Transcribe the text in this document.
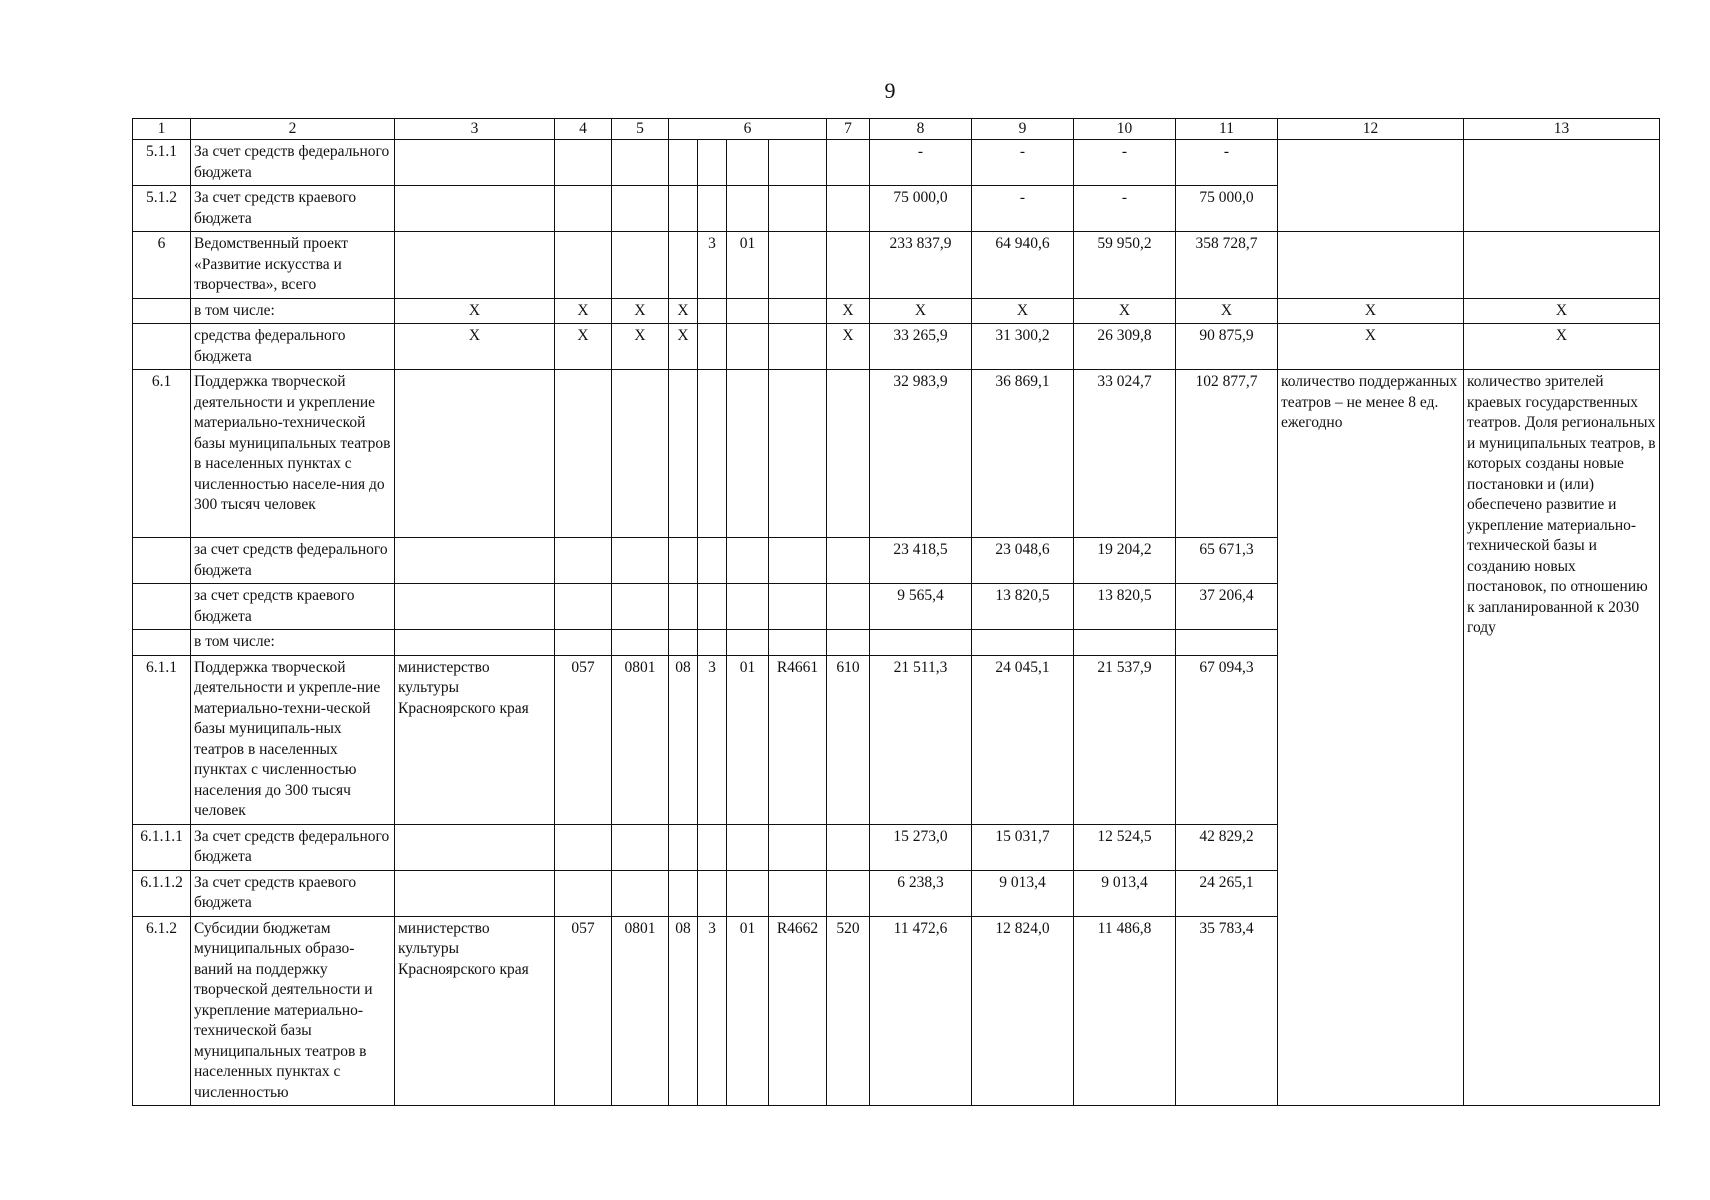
9
1	2	3	4	5	6				7	8	9	10	11	12	13
5.1.1	За счет средств федерального бюджета									-	-	-	-		
5.1.2	За счет средств краевого бюджета									75 000,0	-	-	75 000,0		
6	Ведомственный проект «Развитие искусства и творчества», всего					3	01			233 837,9	64 940,6	59 950,2	358 728,7		
	в том числе:	X	X	X	X				X	X	X	X	X	X	X
	средства федерального бюджета	X	X	X	X				X	33 265,9	31 300,2	26 309,8	90 875,9	X	X
6.1	Поддержка творческой деятельности и укрепление материально-технической базы муниципальных театров в населенных пунктах с численностью населе-ния до 300 тысяч человек									32 983,9	36 869,1	33 024,7	102 877,7	количество поддержанных театров – не менее 8 ед. ежегодно	количество зрителей краевых государственных театров. Доля региональных и муниципальных театров, в которых созданы новые постановки и (или) обеспечено развитие и укрепление материально-технической базы и созданию новых постановок, по отношению к запланированной к 2030 году
	за счет средств федерального бюджета									23 418,5	23 048,6	19 204,2	65 671,3		
	за счет средств краевого бюджета									9 565,4	13 820,5	13 820,5	37 206,4		
	в том числе:														
6.1.1	Поддержка творческой деятельности и укрепле-ние материально-техни-ческой базы муниципаль-ных театров в населенных пунктах с численностью населения до 300 тысяч человек	министерство культуры Красноярского края	057	0801	08	3	01	R4661	610	21 511,3	24 045,1	21 537,9	67 094,3		
6.1.1.1	За счет средств федерального бюджета									15 273,0	15 031,7	12 524,5	42 829,2		
6.1.1.2	За счет средств краевого бюджета									6 238,3	9 013,4	9 013,4	24 265,1		
6.1.2	Субсидии бюджетам муниципальных образо-ваний на поддержку творческой деятельности и укрепление материально-технической базы муниципальных театров в населенных пунктах с численностью	министерство культуры Красноярского края	057	0801	08	3	01	R4662	520	11 472,6	12 824,0	11 486,8	35 783,4		
